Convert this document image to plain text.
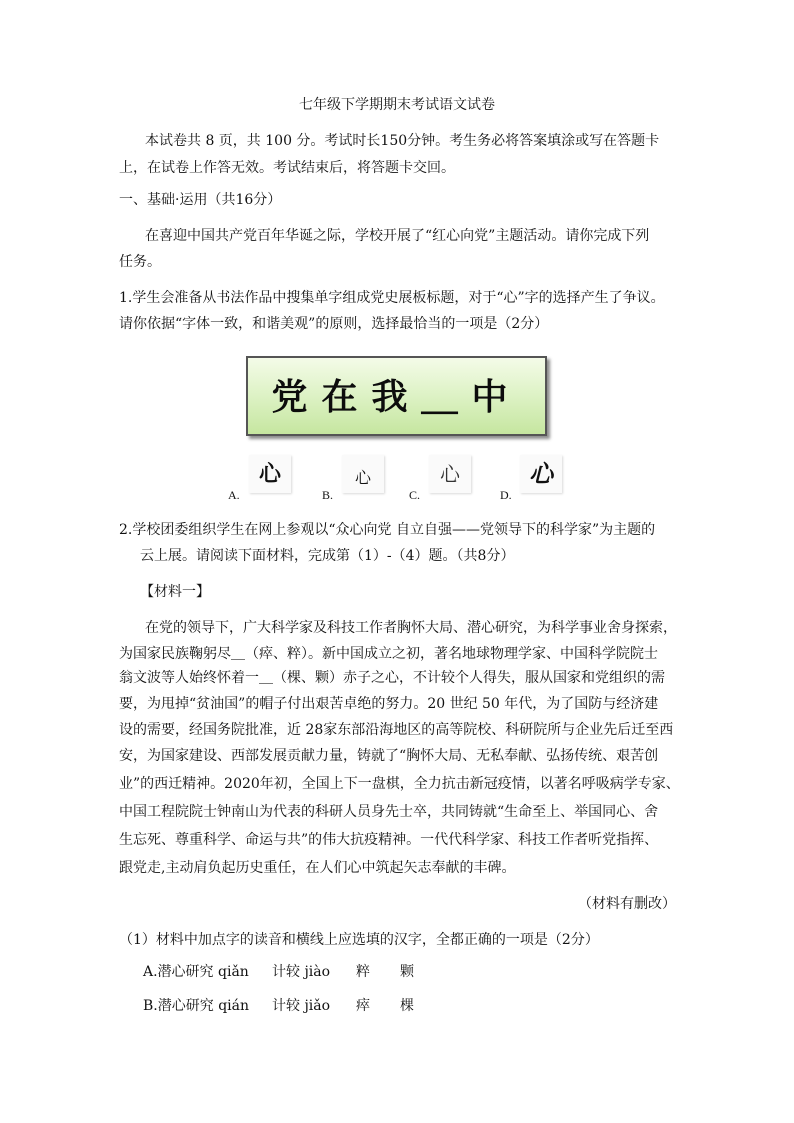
七年级下学期期末考试语文试卷
本试卷共 8 页，共 100 分。考试时长150分钟。考生务必将答案填涂或写在答题卡
上，在试卷上作答无效。考试结束后，将答题卡交回。
一、基础·运用（共16分）
在喜迎中国共产党百年华诞之际，学校开展了“红心向党”主题活动。请你完成下列
任务。
1.学生会准备从书法作品中搜集单字组成党史展板标题，对于“心”字的选择产生了争议。
请你依据“字体一致，和谐美观”的原则，选择最恰当的一项是（2分）
党在我＿中
A.
心
B.
心
C.
心
D.
心
2.学校团委组织学生在网上参观以“众心向党 自立自强——党领导下的科学家”为主题的
云上展。请阅读下面材料，完成第（1）-（4）题。（共8分）
【材料一】
在党的领导下，广大科学家及科技工作者胸怀大局、潜心研究，为科学事业舍身探索，
为国家民族鞠躬尽＿（瘁、粹）。新中国成立之初，著名地球物理学家、中国科学院院士
翁文波等人始终怀着一＿（棵、颗）赤子之心，不计较个人得失，服从国家和党组织的需
要，为甩掉“贫油国”的帽子付出艰苦卓绝的努力。20 世纪 50 年代，为了国防与经济建
设的需要，经国务院批准，近 28家东部沿海地区的高等院校、科研院所与企业先后迁至西
安，为国家建设、西部发展贡献力量，铸就了“胸怀大局、无私奉献、弘扬传统、艰苦创
业”的西迁精神。2020年初，全国上下一盘棋，全力抗击新冠疫情，以著名呼吸病学专家、
中国工程院院士钟南山为代表的科研人员身先士卒，共同铸就“生命至上、举国同心、舍
生忘死、尊重科学、命运与共”的伟大抗疫精神。一代代科学家、科技工作者听党指挥、
跟党走,主动肩负起历史重任，在人们心中筑起矢志奉献的丰碑。
（材料有删改）
（1）材料中加点字的读音和横线上应选填的汉字，全都正确的一项是（2分）
A.潜心研究 qiǎn 计较 jiào 粹 颗
B.潜心研究 qián 计较 jiǎo 瘁 棵
